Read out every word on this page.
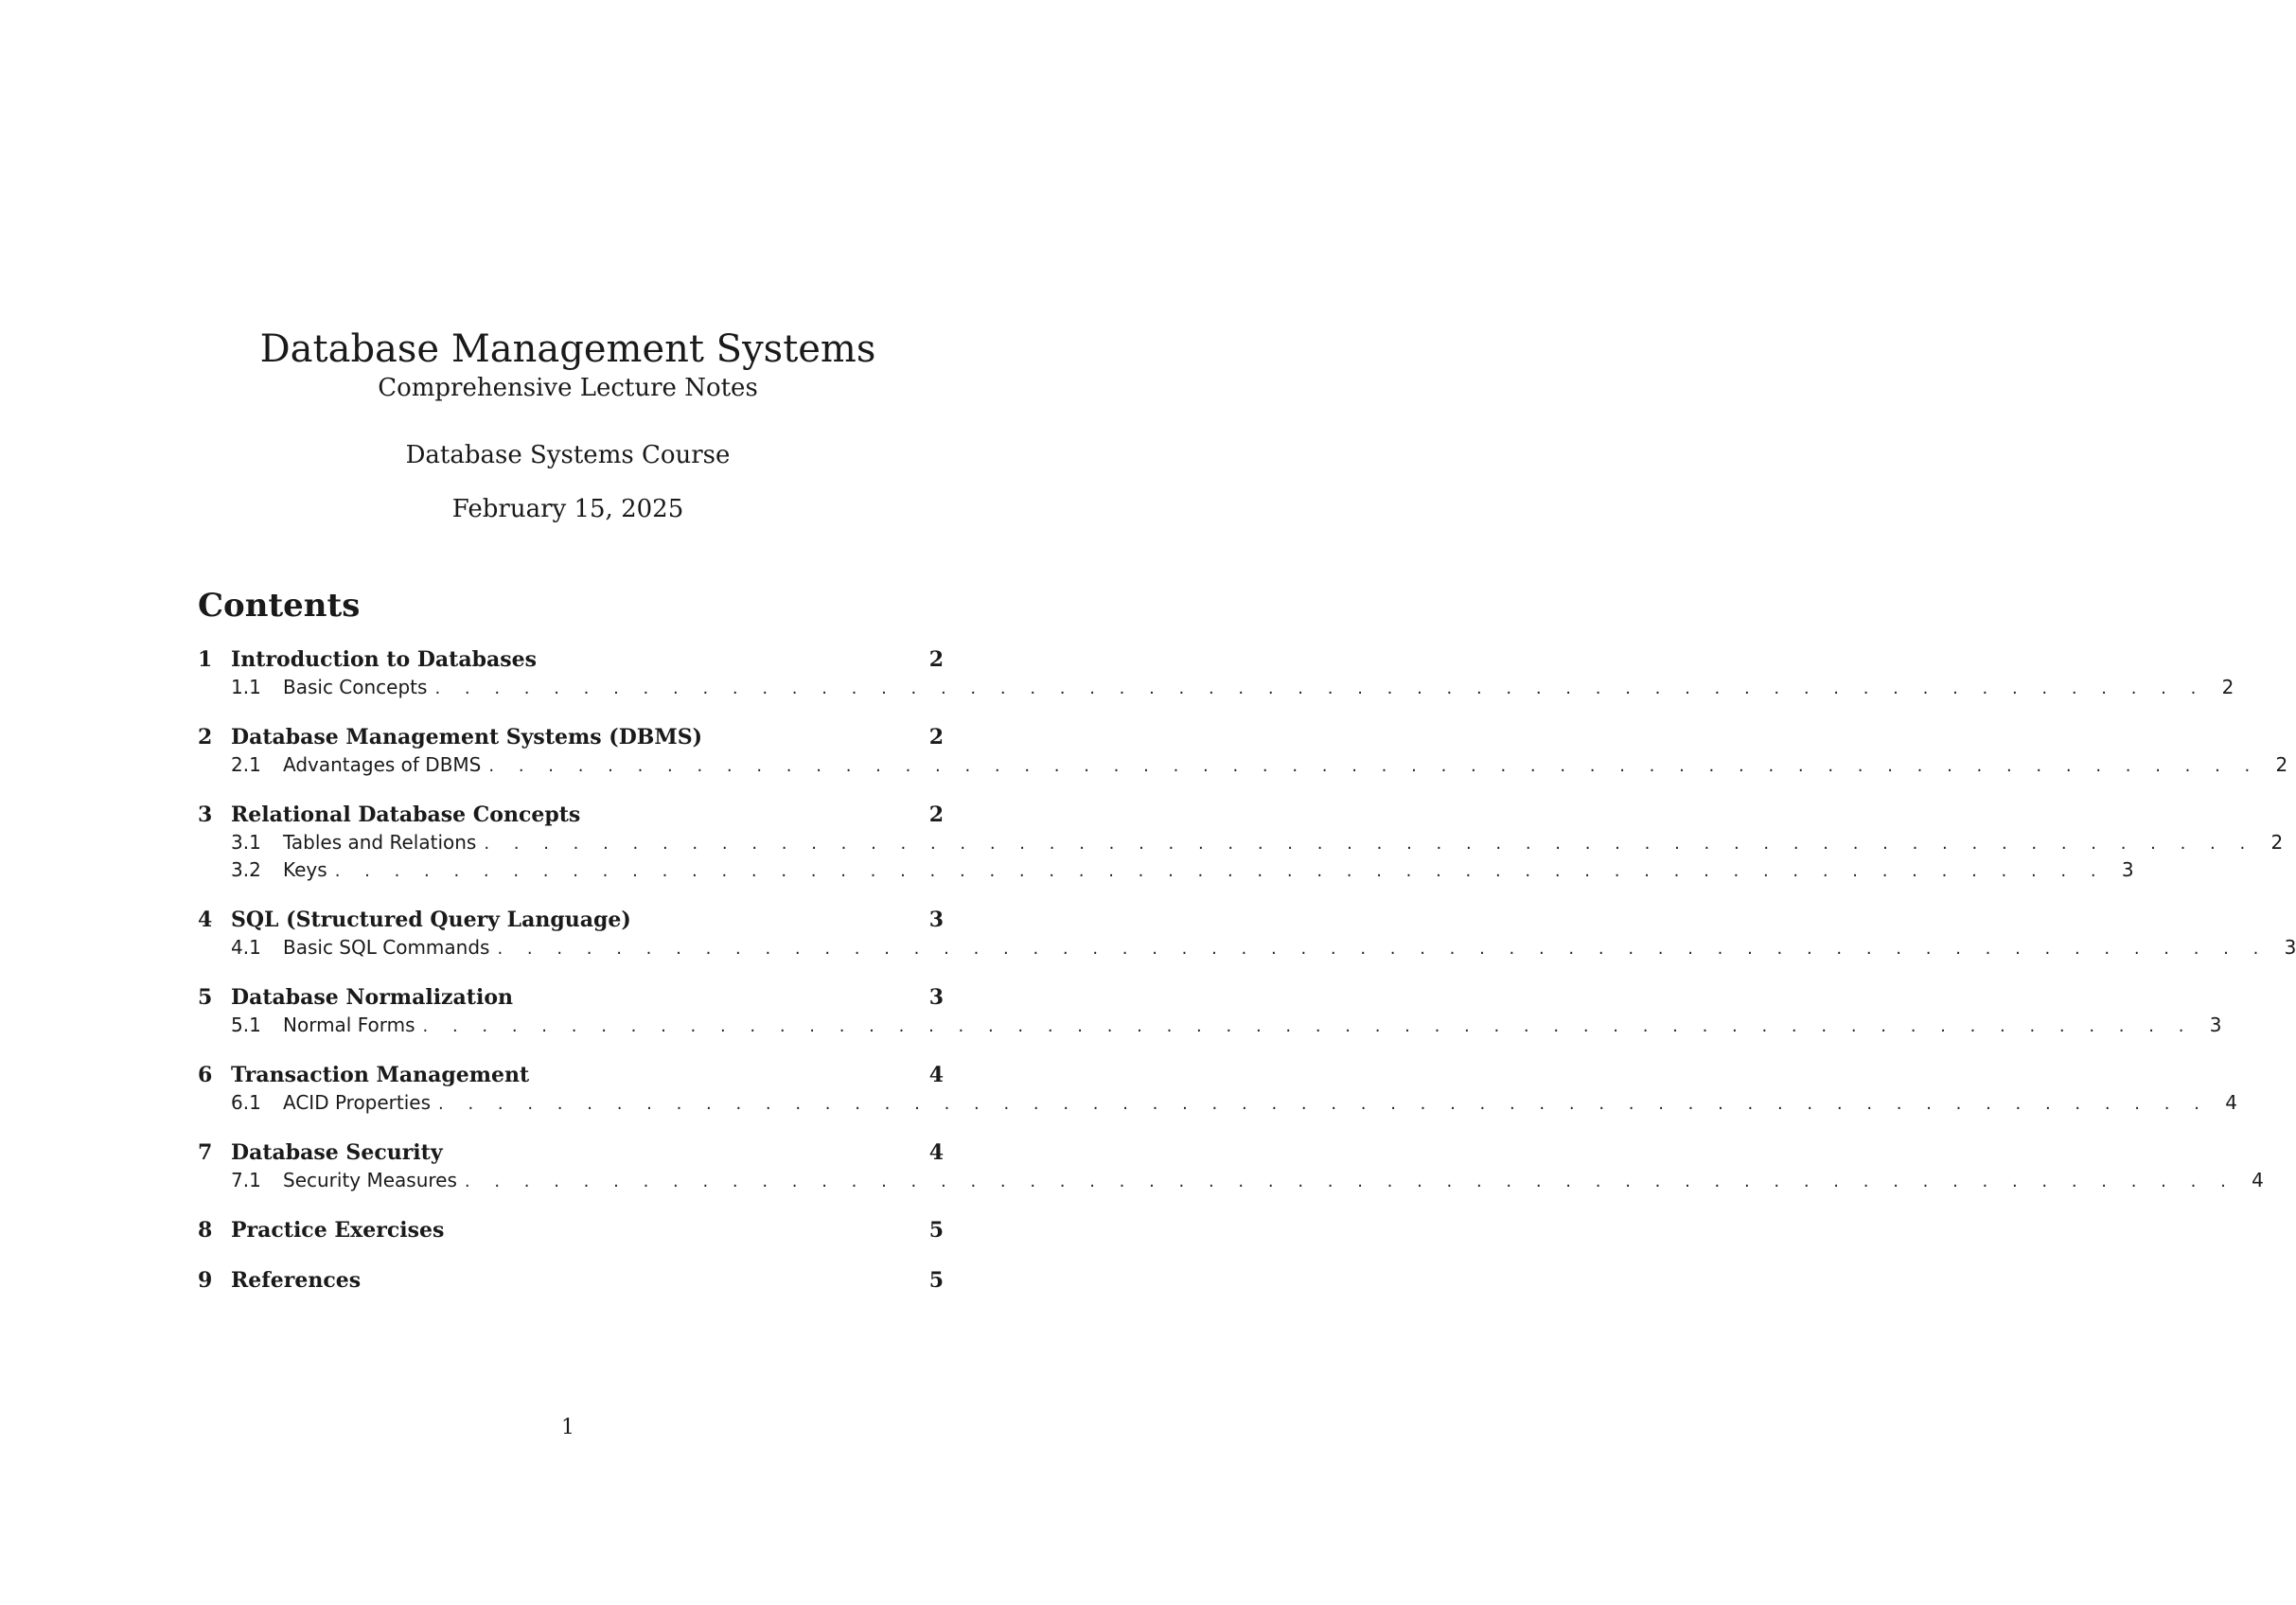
Database Management Systems
Comprehensive Lecture Notes
Database Systems Course
February 15, 2025
Contents
1 Introduction to Databases	2
1.1	Basic Concepts . . . . . . . . . . . . . . . . . . . . . . . . . . . . . . . . . . . . . . . . . . . . . . . . . . . . . . . . . . . . 2
2 Database Management Systems (DBMS)	2
2.1	Advantages of DBMS . . . . . . . . . . . . . . . . . . . . . . . . . . . . . . . . . . . . . . . . . . . . . . . . . . . . . . . . . . . . 2
3 Relational Database Concepts	2
3.1	Tables and Relations . . . . . . . . . . . . . . . . . . . . . . . . . . . . . . . . . . . . . . . . . . . . . . . . . . . . . . . . . . . . 2
3.2	Keys . . . . . . . . . . . . . . . . . . . . . . . . . . . . . . . . . . . . . . . . . . . . . . . . . . . . . . . . . . . . 3
4 SQL (Structured Query Language)	3
4.1	Basic SQL Commands . . . . . . . . . . . . . . . . . . . . . . . . . . . . . . . . . . . . . . . . . . . . . . . . . . . . . . . . . . . . 3
5 Database Normalization	3
5.1	Normal Forms . . . . . . . . . . . . . . . . . . . . . . . . . . . . . . . . . . . . . . . . . . . . . . . . . . . . . . . . . . . . 3
6 Transaction Management	4
6.1	ACID Properties . . . . . . . . . . . . . . . . . . . . . . . . . . . . . . . . . . . . . . . . . . . . . . . . . . . . . . . . . . . . 4
7 Database Security	4
7.1	Security Measures . . . . . . . . . . . . . . . . . . . . . . . . . . . . . . . . . . . . . . . . . . . . . . . . . . . . . . . . . . . . 4
8 Practice Exercises	5
9 References	5
1
